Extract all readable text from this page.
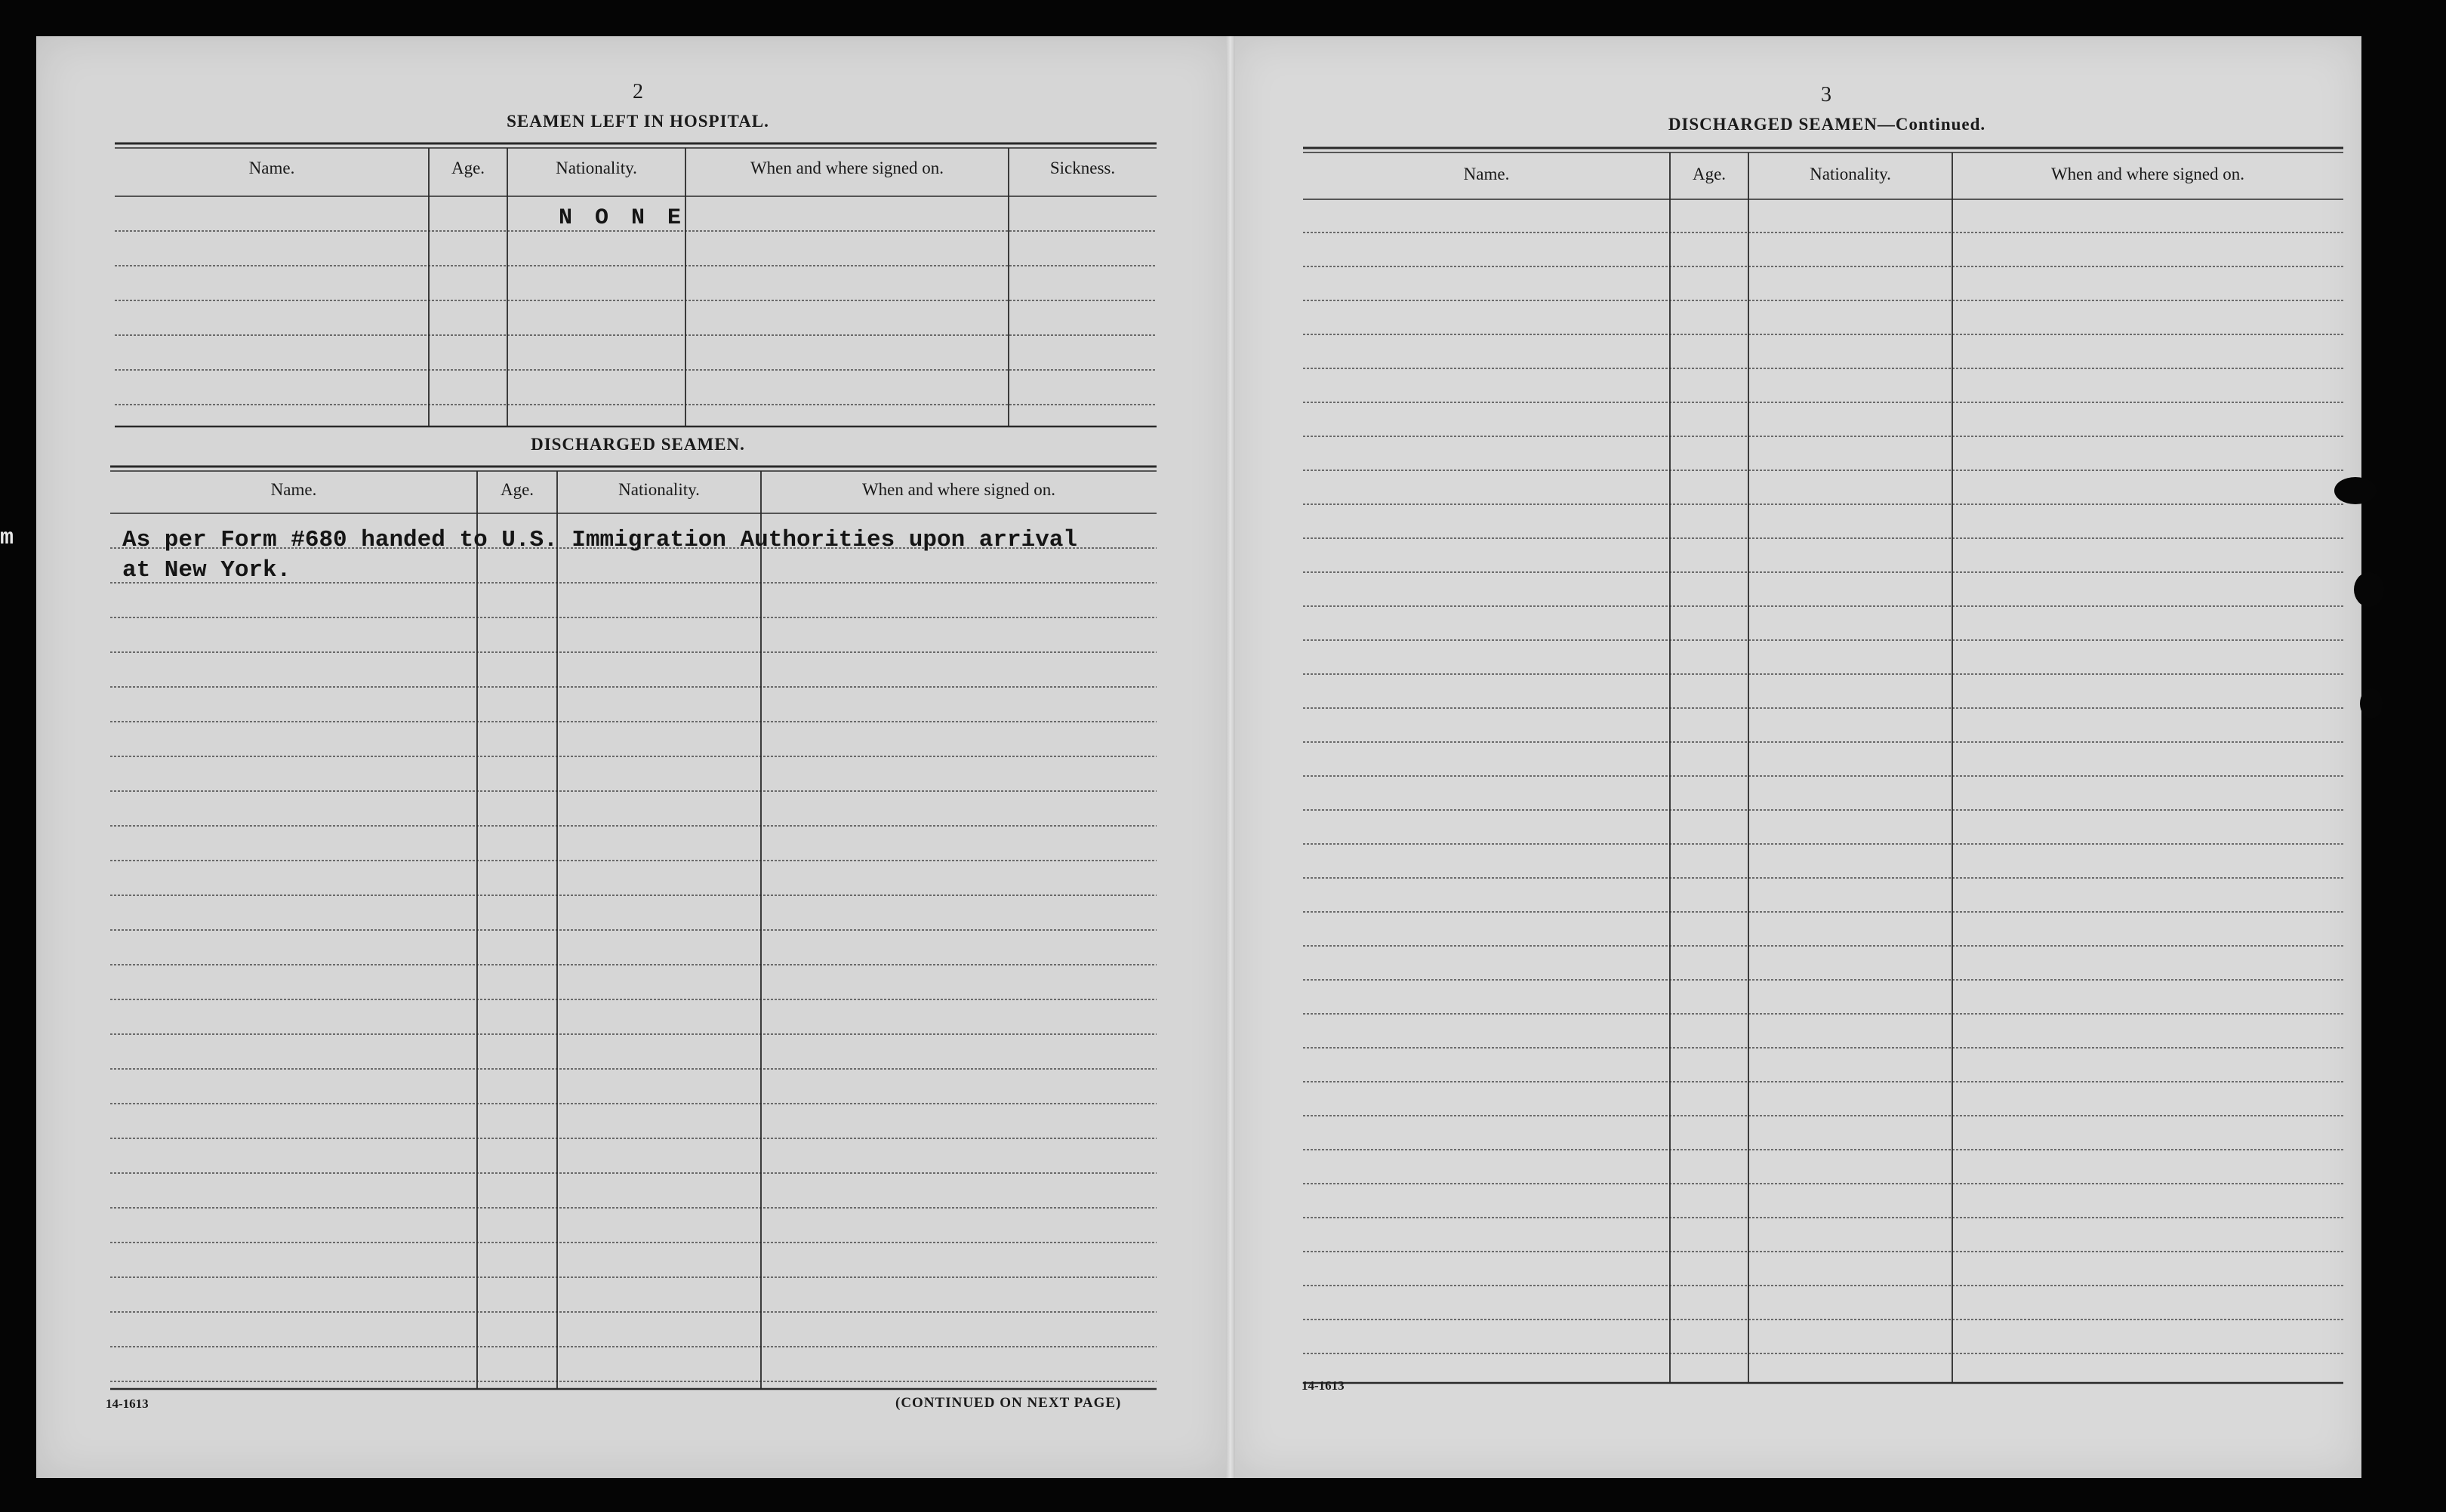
m
2
SEAMEN LEFT IN HOSPITAL.
Name.	Age.	Nationality.	When and where signed on.	Sickness.
N O N E
DISCHARGED SEAMEN.
Name.	Age.	Nationality.	When and where signed on.
As per Form #680 handed to U.S. Immigration Authorities upon arrival
at New York.
14-1613	(CONTINUED ON NEXT PAGE)
3
DISCHARGED SEAMEN—Continued.
Name.	Age.	Nationality.	When and where signed on.
14-1613
